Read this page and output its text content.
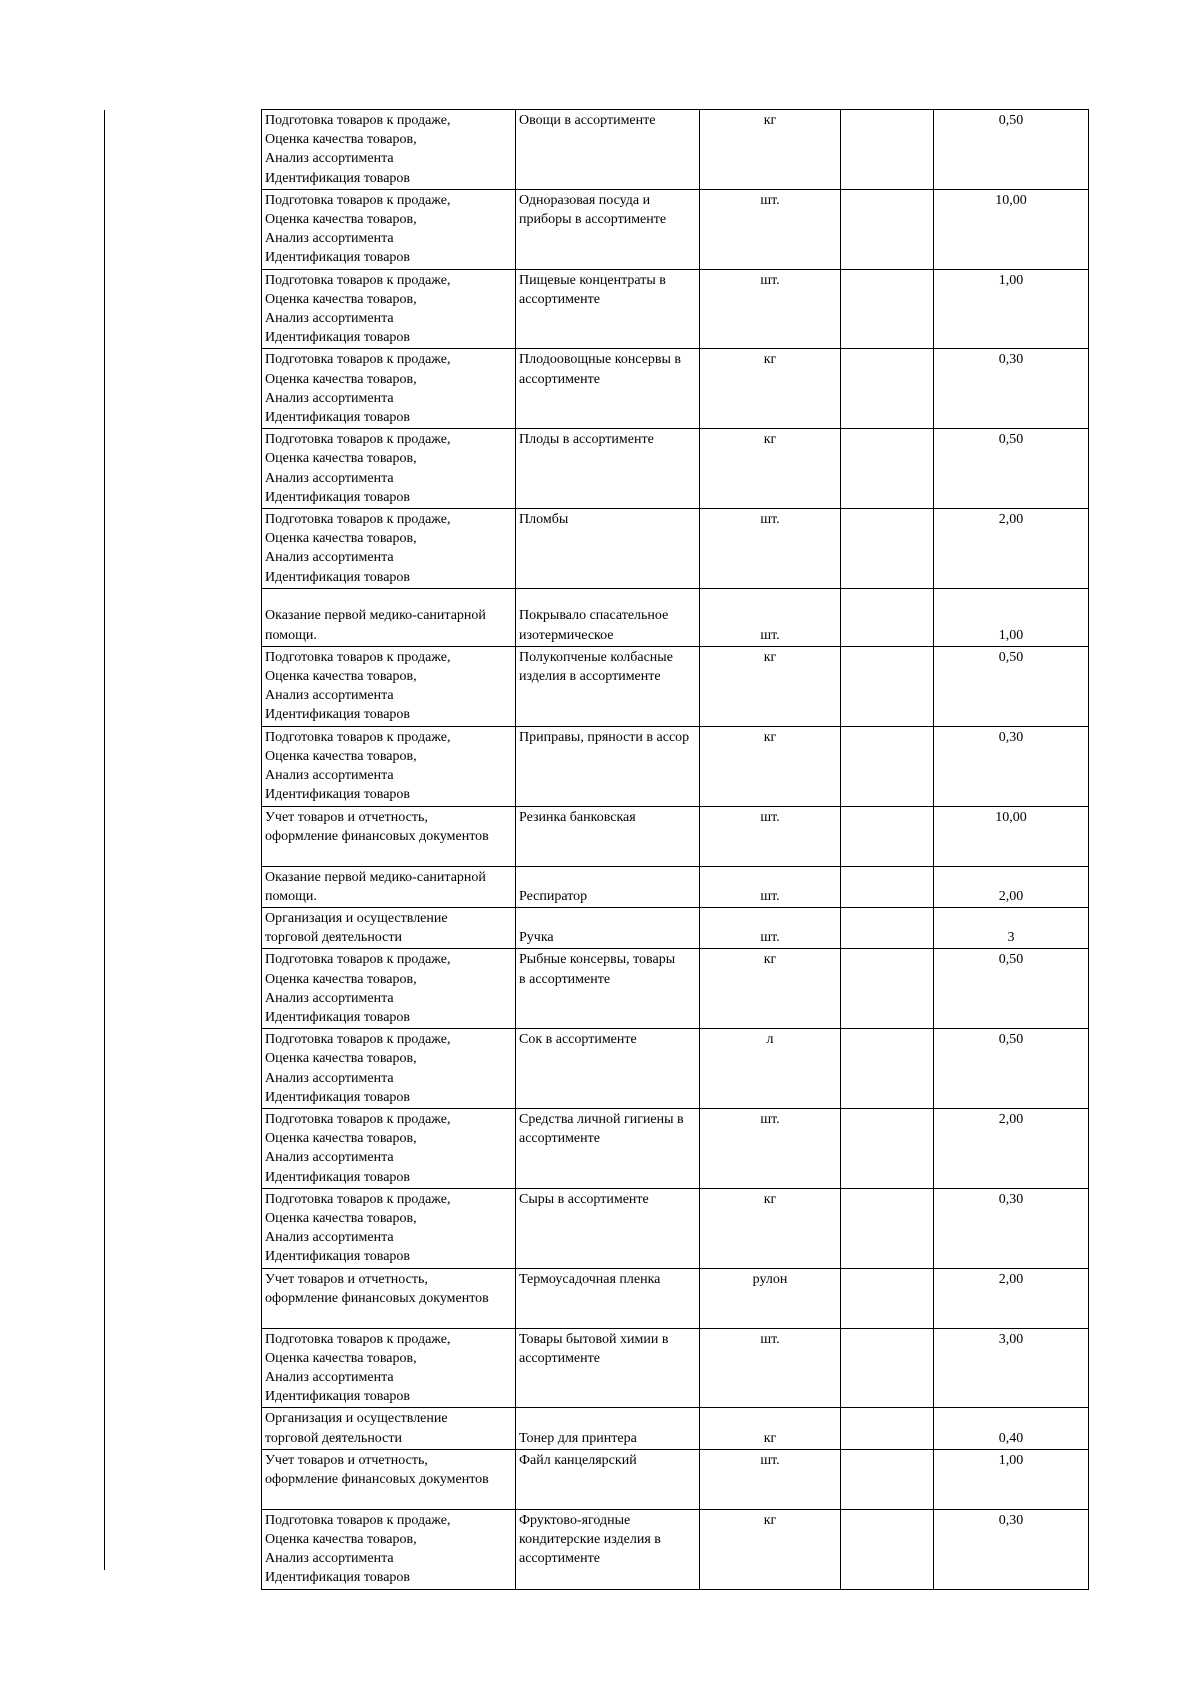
Подготовка товаров к продаже,
Оценка качества товаров,
Анализ ассортимента
Идентификация товаров	Овощи в ассортименте	кг		0,50
Подготовка товаров к продаже,
Оценка качества товаров,
Анализ ассортимента
Идентификация товаров	Одноразовая посуда и
приборы в ассортименте	шт.		10,00
Подготовка товаров к продаже,
Оценка качества товаров,
Анализ ассортимента
Идентификация товаров	Пищевые концентраты в
ассортименте	шт.		1,00
Подготовка товаров к продаже,
Оценка качества товаров,
Анализ ассортимента
Идентификация товаров	Плодоовощные консервы в
ассортименте	кг		0,30
Подготовка товаров к продаже,
Оценка качества товаров,
Анализ ассортимента
Идентификация товаров	Плоды в ассортименте	кг		0,50
Подготовка товаров к продаже,
Оценка качества товаров,
Анализ ассортимента
Идентификация товаров	Пломбы	шт.		2,00
Оказание первой медико-санитарной
помощи.	Покрывало спасательное
изотермическое	шт.		1,00
Подготовка товаров к продаже,
Оценка качества товаров,
Анализ ассортимента
Идентификация товаров	Полукопченые колбасные
изделия в ассортименте	кг		0,50
Подготовка товаров к продаже,
Оценка качества товаров,
Анализ ассортимента
Идентификация товаров	Приправы, пряности в ассор	кг		0,30
Учет товаров и отчетность,
оформление финансовых документов	Резинка банковская	шт.		10,00
Оказание первой медико-санитарной
помощи.	Респиратор	шт.		2,00
Организация и осуществление
торговой деятельности	Ручка	шт.		3
Подготовка товаров к продаже,
Оценка качества товаров,
Анализ ассортимента
Идентификация товаров	Рыбные консервы, товары
в ассортименте	кг		0,50
Подготовка товаров к продаже,
Оценка качества товаров,
Анализ ассортимента
Идентификация товаров	Сок в ассортименте	л		0,50
Подготовка товаров к продаже,
Оценка качества товаров,
Анализ ассортимента
Идентификация товаров	Средства личной гигиены в
ассортименте	шт.		2,00
Подготовка товаров к продаже,
Оценка качества товаров,
Анализ ассортимента
Идентификация товаров	Сыры в ассортименте	кг		0,30
Учет товаров и отчетность,
оформление финансовых документов	Термоусадочная пленка	рулон		2,00
Подготовка товаров к продаже,
Оценка качества товаров,
Анализ ассортимента
Идентификация товаров	Товары бытовой химии в
ассортименте	шт.		3,00
Организация и осуществление
торговой деятельности	Тонер для принтера	кг		0,40
Учет товаров и отчетность,
оформление финансовых документов	Файл канцелярский	шт.		1,00
Подготовка товаров к продаже,
Оценка качества товаров,
Анализ ассортимента
Идентификация товаров	Фруктово-ягодные
кондитерские изделия в
ассортименте	кг		0,30
